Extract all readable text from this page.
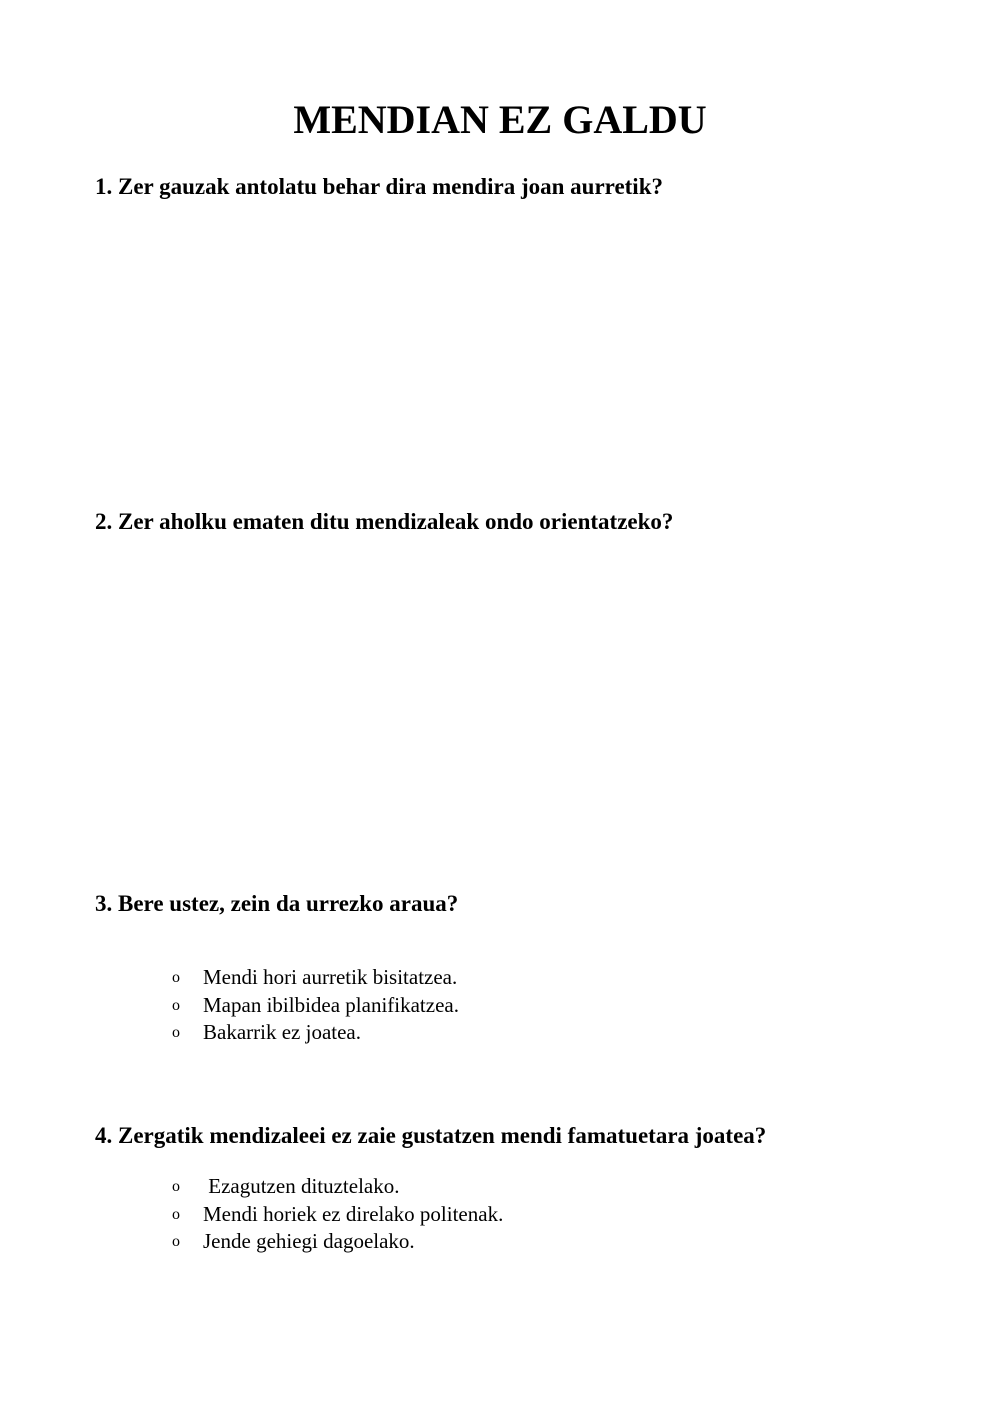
MENDIAN EZ GALDU

1. Zer gauzak antolatu behar dira mendira joan aurretik?

2. Zer aholku ematen ditu mendizaleak ondo orientatzeko?

3. Bere ustez, zein da urrezko araua?

o Mendi hori aurretik bisitatzea.
o Mapan ibilbidea planifikatzea.
o Bakarrik ez joatea.

4. Zergatik mendizaleei ez zaie gustatzen mendi famatuetara joatea?

o Ezagutzen dituztelako.
o Mendi horiek ez direlako politenak.
o Jende gehiegi dagoelako.
